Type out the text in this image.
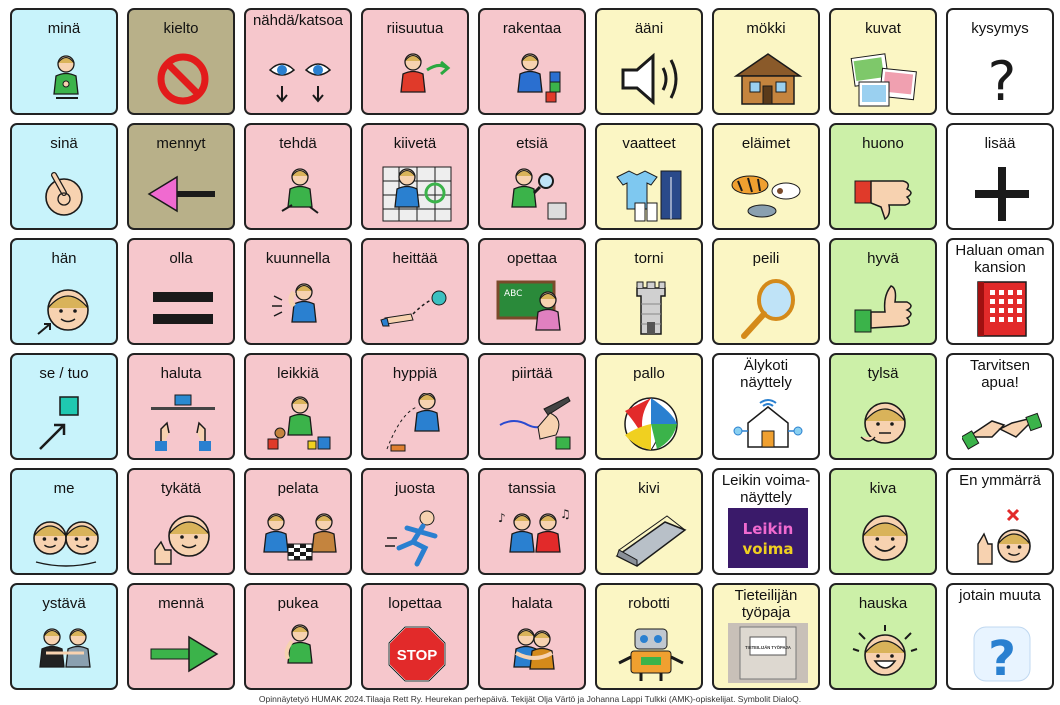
minä	kielto	nähdä/katsoa	riisuutua	rakentaa	ääni	mökki	kuvat	kysymys
?
sinä	mennyt	tehdä	kiivetä	etsiä	vaatteet	eläimet	huono	lisää
hän	olla	kuunnella	heittää	opettaa
ABC
torni	peili	hyvä	Haluan oman kansion
se / tuo	haluta	leikkiä	hyppiä	piirtää	pallo	Älykoti näyttely
tylsä	Tarvitsen apua!
me	tykätä	pelata	juosta	tanssia
♪	♫
kivi	Leikin voima- näyttely
Leikin
voima
kiva	En ymmärrä
ystävä	mennä	pukea	lopettaa
STOP
halata	robotti	Tieteilijän työpaja
TIETEILIJÄN TYÖPAJA
hauska	jotain muuta
?
Opinnäytetyö HUMAK 2024.Tilaaja Rett Ry. Heurekan perhepäivä. Tekijät Olja Värtö ja Johanna Lappi Tulkki (AMK)-opiskelijat. Symbolit DialoQ.
